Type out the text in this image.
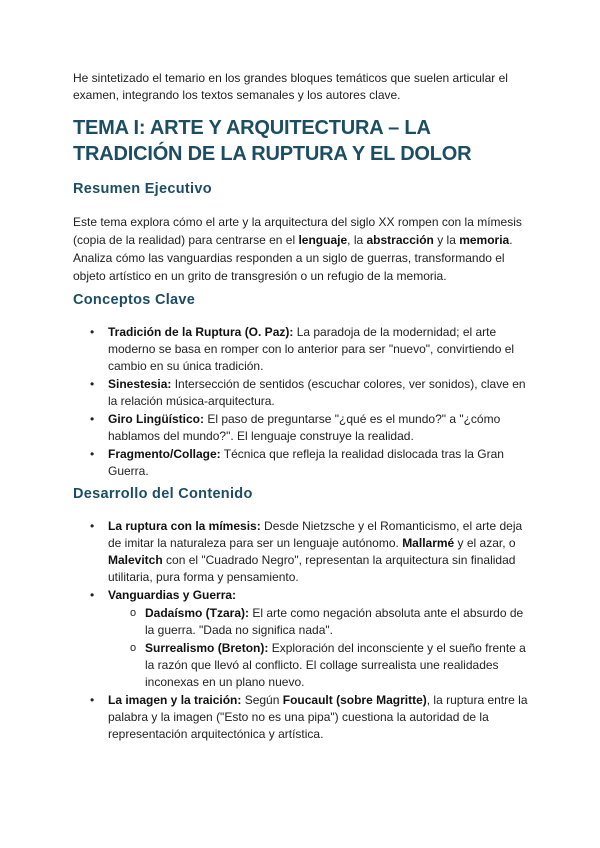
He sintetizado el temario en los grandes bloques temáticos que suelen articular el examen, integrando los textos semanales y los autores clave.

TEMA I: ARTE Y ARQUITECTURA – LA TRADICIÓN DE LA RUPTURA Y EL DOLOR
Resumen Ejecutivo

Este tema explora cómo el arte y la arquitectura del siglo XX rompen con la mímesis (copia de la realidad) para centrarse en el lenguaje, la abstracción y la memoria. Analiza cómo las vanguardias responden a un siglo de guerras, transformando el objeto artístico en un grito de transgresión o un refugio de la memoria.

Conceptos Clave
• Tradición de la Ruptura (O. Paz): La paradoja de la modernidad; el arte moderno se basa en romper con lo anterior para ser "nuevo", convirtiendo el cambio en su única tradición.
• Sinestesia: Intersección de sentidos (escuchar colores, ver sonidos), clave en la relación música-arquitectura.
• Giro Lingüístico: El paso de preguntarse "¿qué es el mundo?" a "¿cómo hablamos del mundo?". El lenguaje construye la realidad.
• Fragmento/Collage: Técnica que refleja la realidad dislocada tras la Gran Guerra.
Desarrollo del Contenido
• La ruptura con la mímesis: Desde Nietzsche y el Romanticismo, el arte deja de imitar la naturaleza para ser un lenguaje autónomo. Mallarmé y el azar, o Malevitch con el "Cuadrado Negro", representan la arquitectura sin finalidad utilitaria, pura forma y pensamiento.
• Vanguardias y Guerra:
o Dadaísmo (Tzara): El arte como negación absoluta ante el absurdo de la guerra. "Dada no significa nada".
o Surrealismo (Breton): Exploración del inconsciente y el sueño frente a la razón que llevó al conflicto. El collage surrealista une realidades inconexas en un plano nuevo.
• La imagen y la traición: Según Foucault (sobre Magritte), la ruptura entre la palabra y la imagen ("Esto no es una pipa") cuestiona la autoridad de la representación arquitectónica y artística.
